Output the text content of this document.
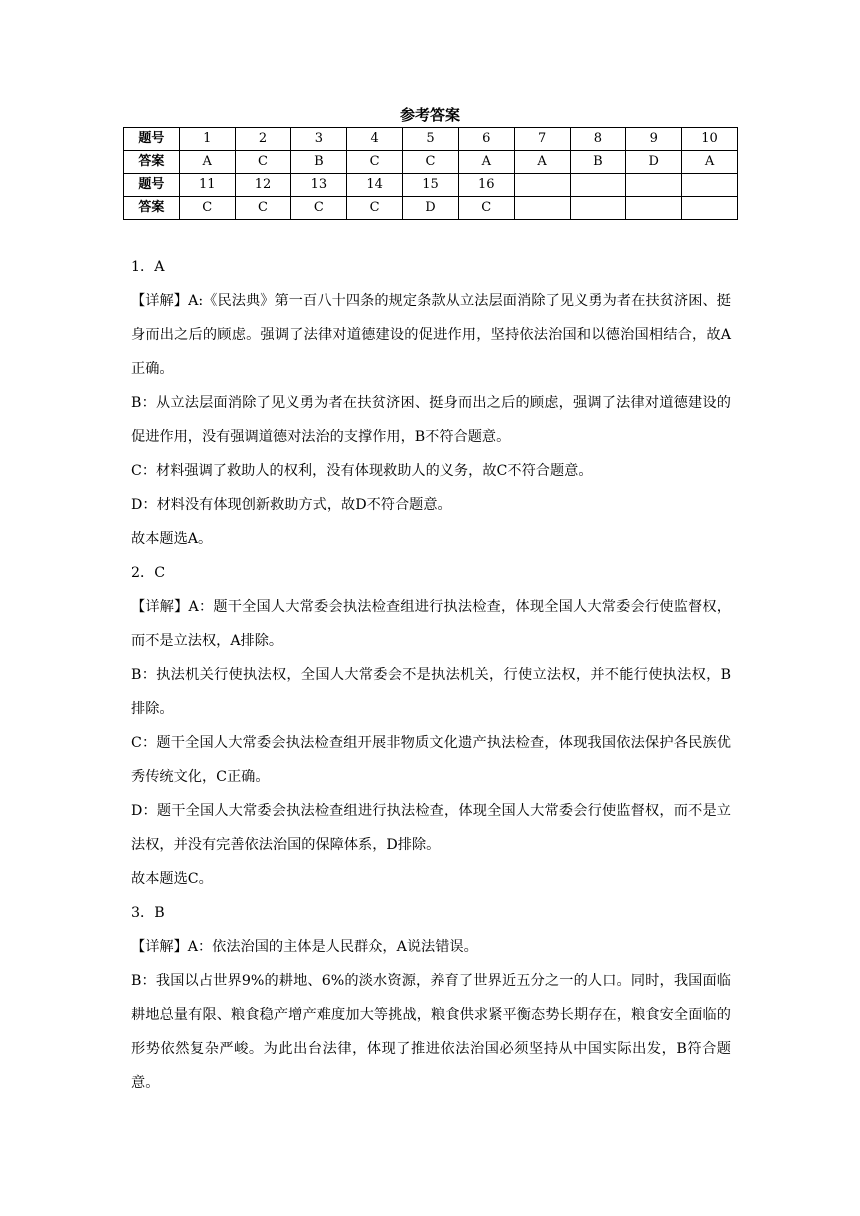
参考答案
题号	1	2	3	4	5	6	7	8	9	10
答案	A	C	B	C	C	A	A	B	D	A
题号	11	12	13	14	15	16				
答案	C	C	C	C	D	C				

1．A

【详解】A:《民法典》第一百八十四条的规定条款从立法层面消除了见义勇为者在扶贫济困、挺身而出之后的顾虑。强调了法律对道德建设的促进作用，坚持依法治国和以德治国相结合，故A正确。

B：从立法层面消除了见义勇为者在扶贫济困、挺身而出之后的顾虑，强调了法律对道德建设的促进作用，没有强调道德对法治的支撑作用，B不符合题意。

C：材料强调了救助人的权利，没有体现救助人的义务，故C不符合题意。

D：材料没有体现创新救助方式，故D不符合题意。

故本题选A。

2．C

【详解】A：题干全国人大常委会执法检查组进行执法检查，体现全国人大常委会行使监督权，而不是立法权，A排除。

B：执法机关行使执法权，全国人大常委会不是执法机关，行使立法权，并不能行使执法权，B排除。

C：题干全国人大常委会执法检查组开展非物质文化遗产执法检查，体现我国依法保护各民族优秀传统文化，C正确。

D：题干全国人大常委会执法检查组进行执法检查，体现全国人大常委会行使监督权，而不是立法权，并没有完善依法治国的保障体系，D排除。

故本题选C。

3．B

【详解】A：依法治国的主体是人民群众，A说法错误。

B：我国以占世界9%的耕地、6%的淡水资源，养育了世界近五分之一的人口。同时，我国面临耕地总量有限、粮食稳产增产难度加大等挑战，粮食供求紧平衡态势长期存在，粮食安全面临的形势依然复杂严峻。为此出台法律，体现了推进依法治国必须坚持从中国实际出发，B符合题意。
